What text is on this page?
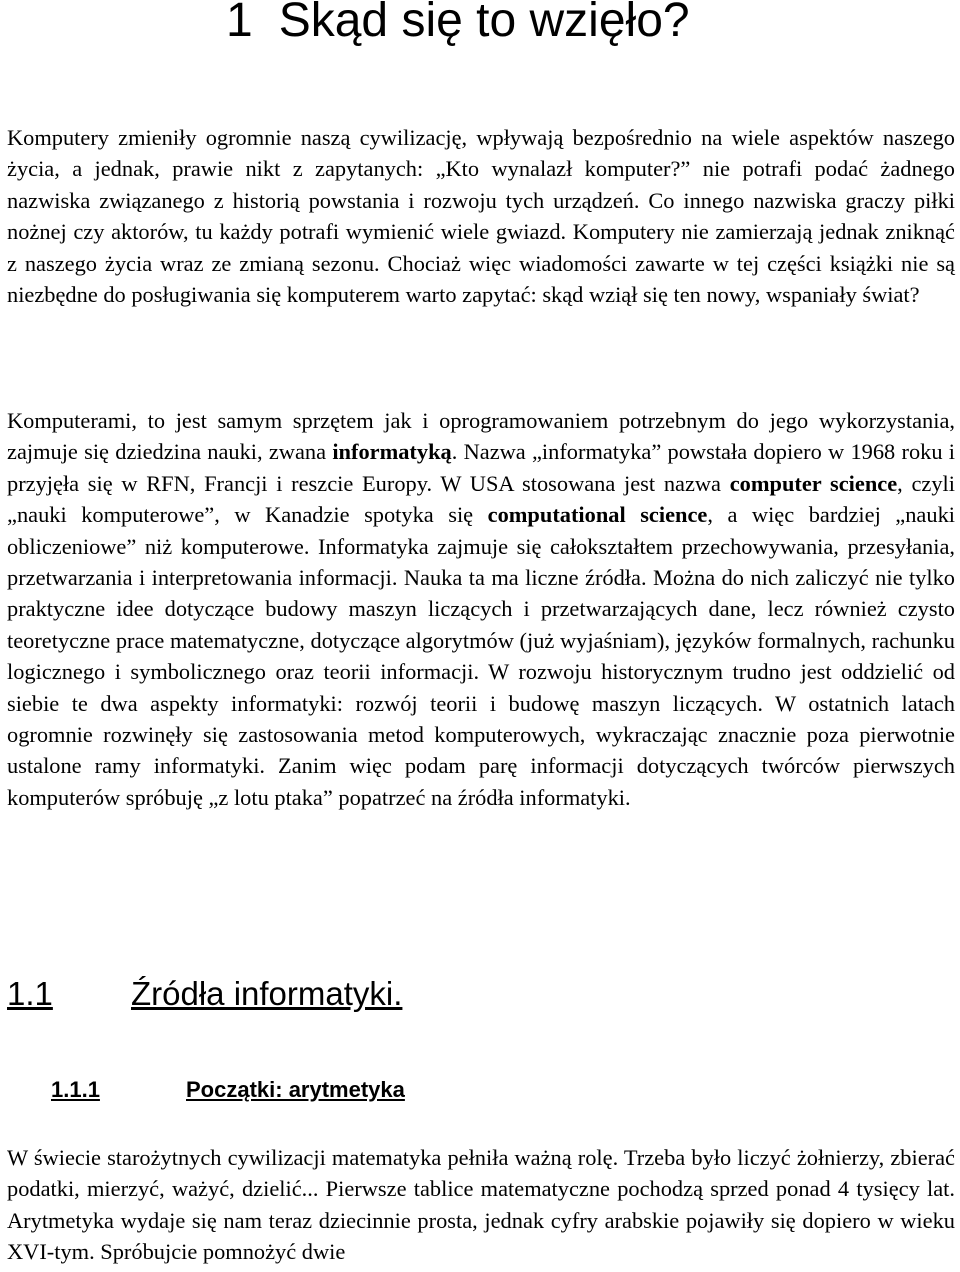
1 Skąd się to wzięło?

Komputery zmieniły ogromnie naszą cywilizację, wpływają bezpośrednio na wiele aspektów naszego życia, a jednak, prawie nikt z zapytanych: „Kto wynalazł komputer?” nie potrafi podać żadnego nazwiska związanego z historią powstania i rozwoju tych urządzeń. Co innego nazwiska graczy piłki nożnej czy aktorów, tu każdy potrafi wymienić wiele gwiazd. Komputery nie zamierzają jednak zniknąć z naszego życia wraz ze zmianą sezonu. Chociaż więc wiadomości zawarte w tej części książki nie są niezbędne do posługiwania się komputerem warto zapytać: skąd wziął się ten nowy, wspaniały świat?

Komputerami, to jest samym sprzętem jak i oprogramowaniem potrzebnym do jego wykorzystania, zajmuje się dziedzina nauki, zwana informatyką. Nazwa „informatyka” powstała dopiero w 1968 roku i przyjęła się w RFN, Francji i reszcie Europy. W USA stosowana jest nazwa computer science, czyli „nauki komputerowe”, w Kanadzie spotyka się computational science, a więc bardziej „nauki obliczeniowe” niż komputerowe. Informatyka zajmuje się całokształtem przechowywania, przesyłania, przetwarzania i interpretowania informacji. Nauka ta ma liczne źródła. Można do nich zaliczyć nie tylko praktyczne idee dotyczące budowy maszyn liczących i przetwarzających dane, lecz również czysto teoretyczne prace matematyczne, dotyczące algorytmów (już wyjaśniam), języków formalnych, rachunku logicznego i symbolicznego oraz teorii informacji. W rozwoju historycznym trudno jest oddzielić od siebie te dwa aspekty informatyki: rozwój teorii i budowę maszyn liczących. W ostatnich latach ogromnie rozwinęły się zastosowania metod komputerowych, wykraczając znacznie poza pierwotnie ustalone ramy informatyki. Zanim więc podam parę informacji dotyczących twórców pierwszych komputerów spróbuję „z lotu ptaka” popatrzeć na źródła informatyki.

1.1 Źródła informatyki.
1.1.1	Początki: arytmetyka

W świecie starożytnych cywilizacji matematyka pełniła ważną rolę. Trzeba było liczyć żołnierzy, zbierać podatki, mierzyć, ważyć, dzielić... Pierwsze tablice matematyczne pochodzą sprzed ponad 4 tysięcy lat. Arytmetyka wydaje się nam teraz dziecinnie prosta, jednak cyfry arabskie pojawiły się dopiero w wieku XVI-tym. Spróbujcie pomnożyć dwie
